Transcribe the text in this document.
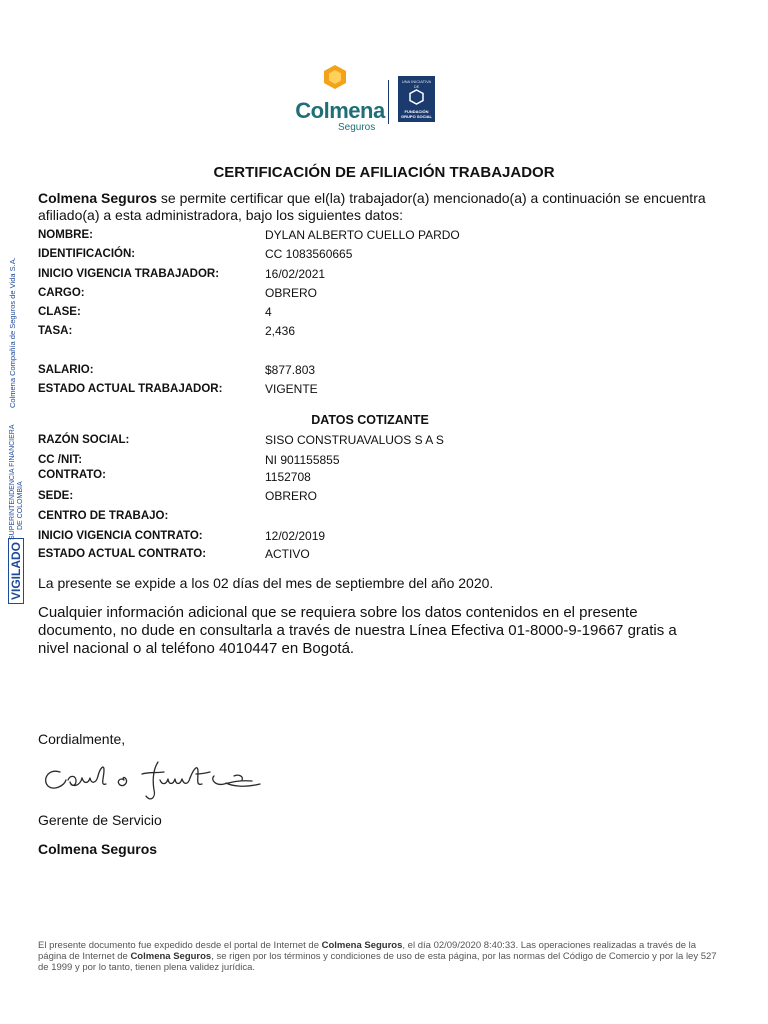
Colmena
Seguros
UNA INICIATIVA DE
FUNDACIÓN GRUPO SOCIAL
Colmena Compañía de Seguros de Vida S.A.
SUPERINTENDENCIA FINANCIERA DE COLOMBIA
VIGILADO
CERTIFICACIÓN DE AFILIACIÓN TRABAJADOR
Colmena Seguros se permite certificar que el(la) trabajador(a) mencionado(a) a continuación se encuentra afiliado(a) a esta administradora, bajo los siguientes datos:
NOMBRE:	DYLAN ALBERTO CUELLO PARDO
IDENTIFICACIÓN:	CC 1083560665
INICIO VIGENCIA TRABAJADOR:	16/02/2021
CARGO:	OBRERO
CLASE:	4
TASA:	2,436
SALARIO:	$877.803
ESTADO ACTUAL TRABAJADOR:	VIGENTE
DATOS COTIZANTE
RAZÓN SOCIAL:	SISO CONSTRUAVALUOS S A S
CC /NIT:	NI 901155855
CONTRATO:	1152708
SEDE:	OBRERO
CENTRO DE TRABAJO:
INICIO VIGENCIA CONTRATO:	12/02/2019
ESTADO ACTUAL CONTRATO:	ACTIVO
La presente se expide a los 02 días del mes de septiembre del año 2020.
Cualquier información adicional que se requiera sobre los datos contenidos en el presente documento, no dude en consultarla a través de nuestra Línea Efectiva 01-8000-9-19667 gratis a nivel nacional o al teléfono 4010447 en Bogotá.
Cordialmente,
Gerente de Servicio
Colmena Seguros
El presente documento fue expedido desde el portal de Internet de Colmena Seguros, el día 02/09/2020 8:40:33. Las operaciones realizadas a través de la página de Internet de Colmena Seguros, se rigen por los términos y condiciones de uso de esta página, por las normas del Código de Comercio y por la ley 527 de 1999 y por lo tanto, tienen plena validez jurídica.
